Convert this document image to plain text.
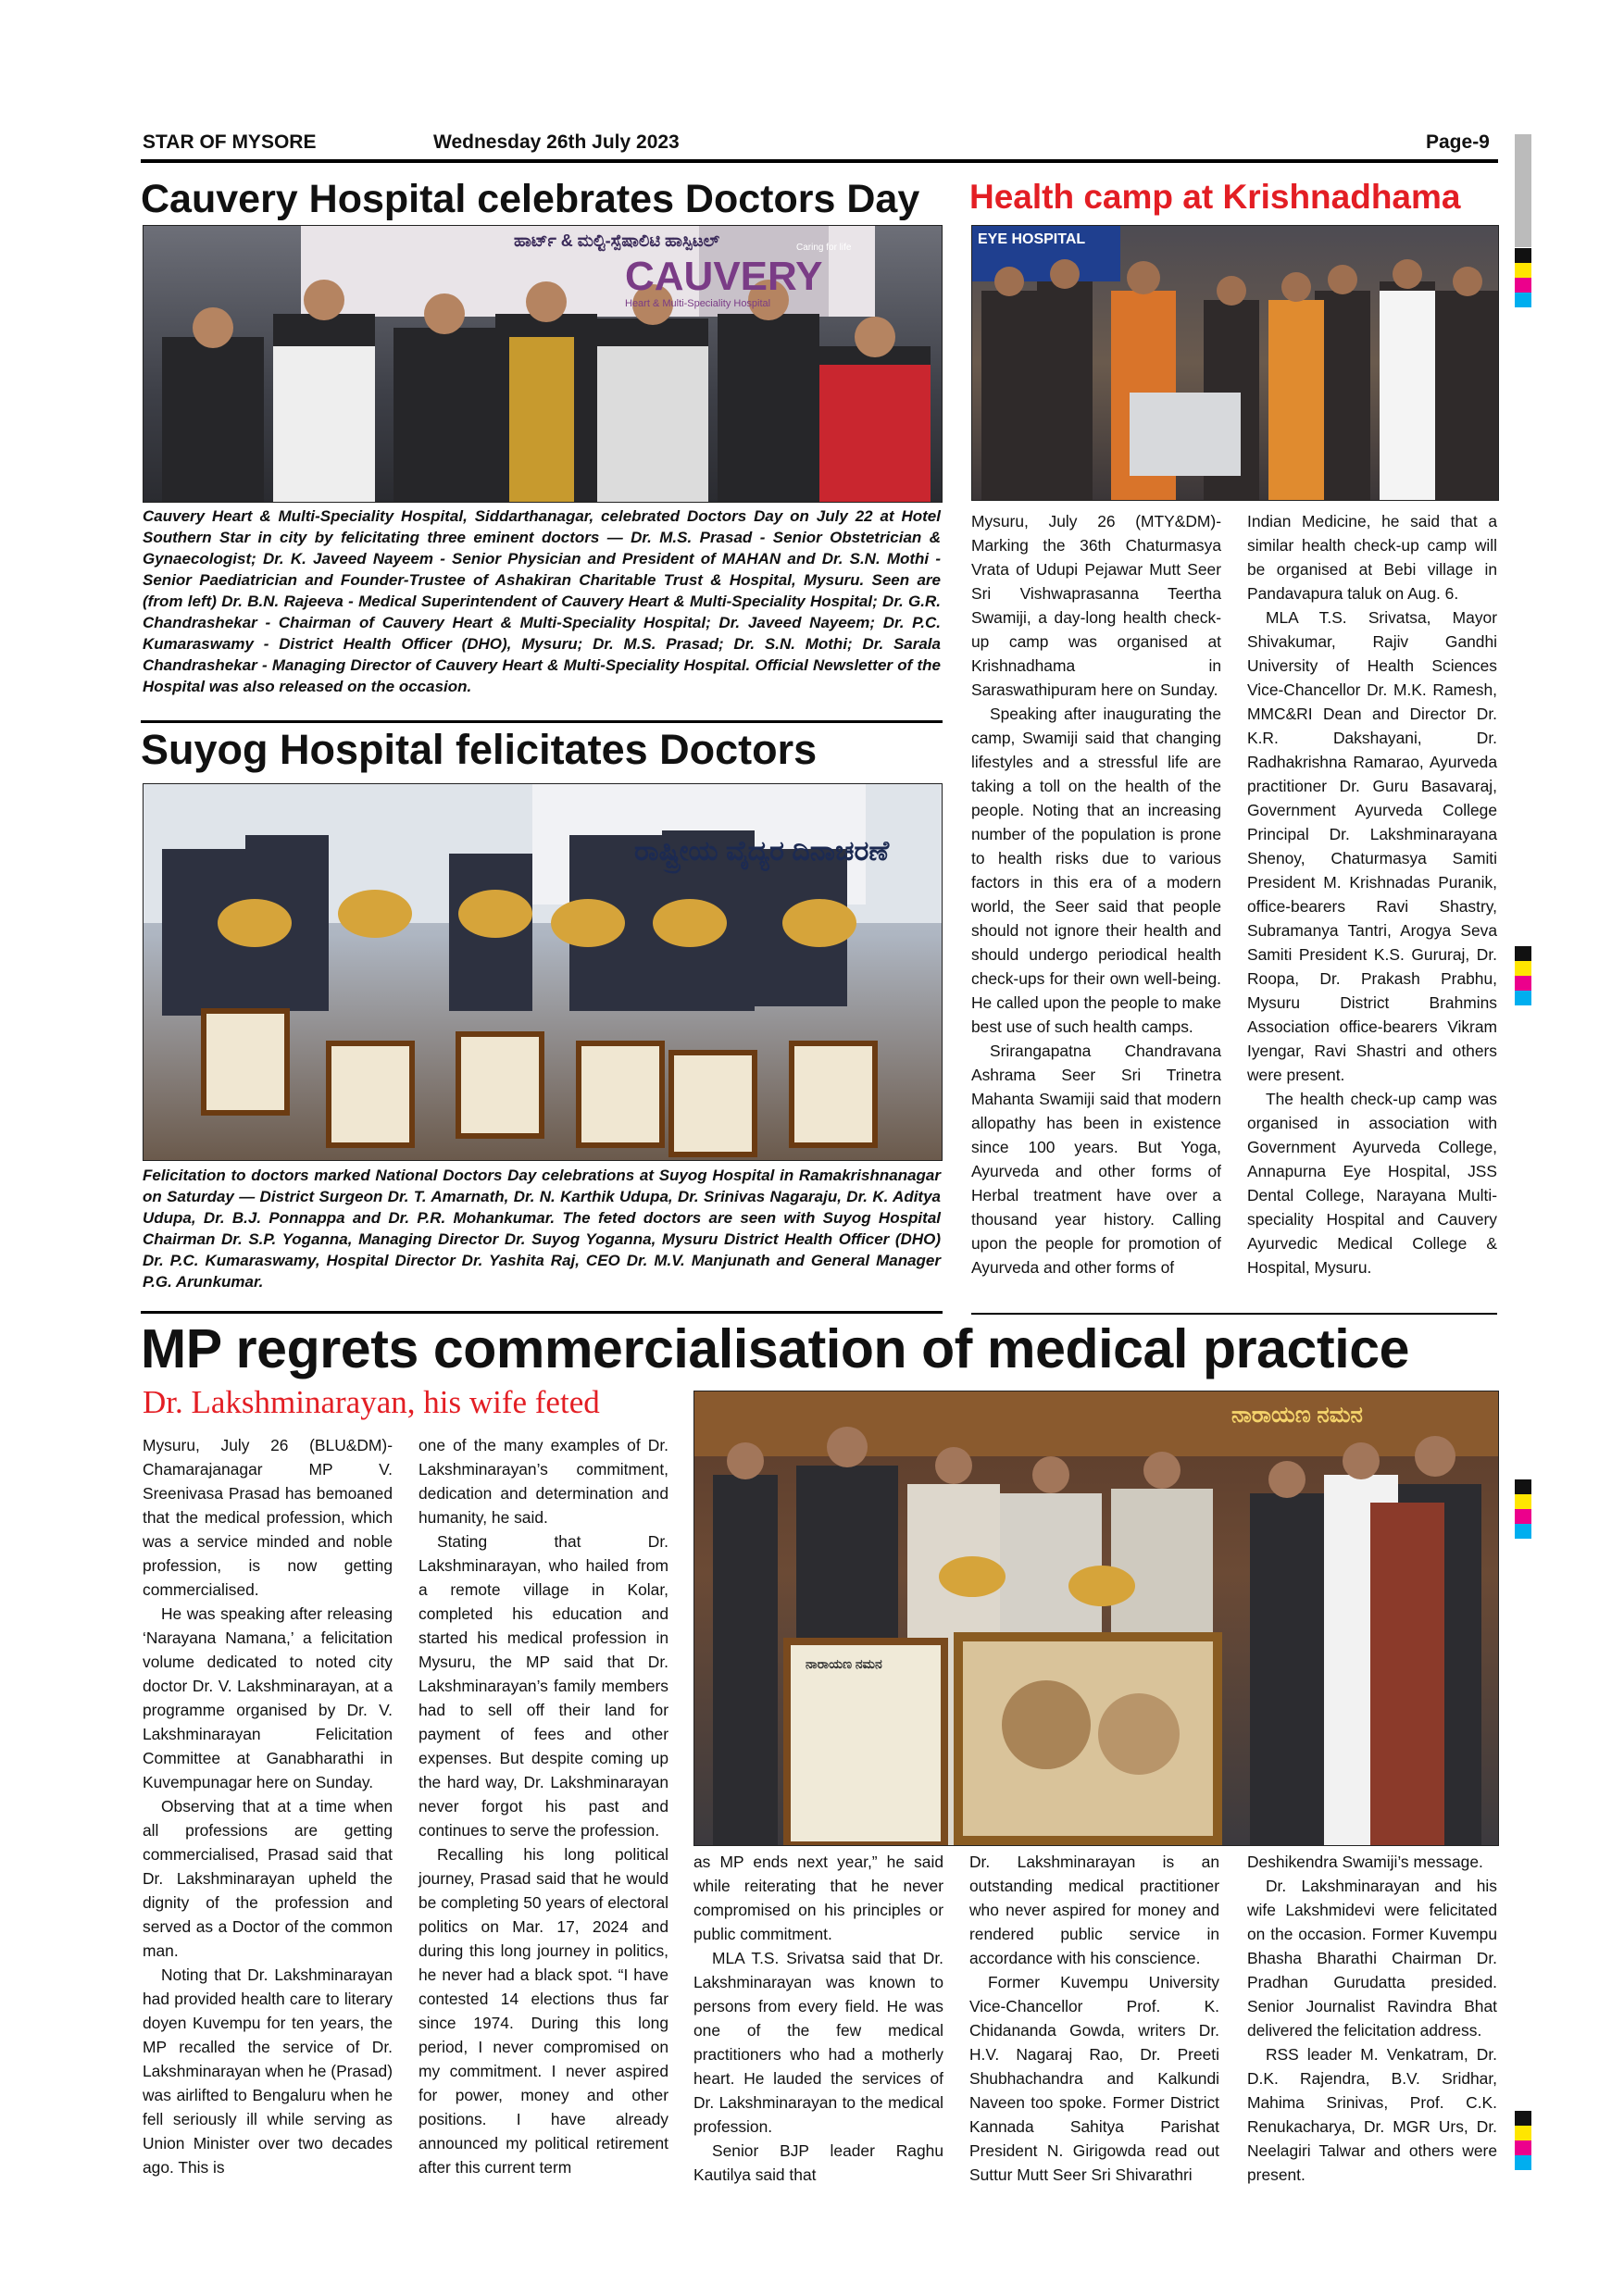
STAR OF MYSORE	Wednesday 26th July 2023	Page-9
Cauvery Hospital celebrates Doctors Day
ಹಾರ್ಟ್ & ಮಲ್ಟಿ-ಸ್ಪೆಷಾಲಿಟಿ ಹಾಸ್ಪಿಟಲ್
CAUVERY
Heart & Multi-Speciality Hospital
Caring for life

Cauvery Heart & Multi-Speciality Hospital, Siddarthanagar, celebrated Doctors Day on July 22 at Hotel Southern Star in city by felicitating three eminent doctors — Dr. M.S. Prasad - Senior Obstetrician & Gynaecologist; Dr. K. Javeed Nayeem - Senior Physician and President of MAHAN and Dr. S.N. Mothi - Senior Paediatrician and Founder-Trustee of Ashakiran Charitable Trust & Hospital, Mysuru. Seen are (from left) Dr. B.N. Rajeeva - Medical Superintendent of Cauvery Heart & Multi-Speciality Hospital; Dr. G.R. Chandrashekar - Chairman of Cauvery Heart & Multi-Speciality Hospital; Dr. Javeed Nayeem; Dr. P.C. Kumaraswamy - District Health Officer (DHO), Mysuru; Dr. M.S. Prasad; Dr. S.N. Mothi; Dr. Sarala Chandrashekar - Managing Director of Cauvery Heart & Multi-Speciality Hospital. Official Newsletter of the Hospital was also released on the occasion.

Suyog Hospital felicitates Doctors
ರಾಷ್ಟ್ರೀಯ ವೈದ್ಯರ ದಿನಾಚರಣೆ

Felicitation to doctors marked National Doctors Day celebrations at Suyog Hospital in Ramakrishnanagar on Saturday — District Surgeon Dr. T. Amarnath, Dr. N. Karthik Udupa, Dr. Srinivas Nagaraju, Dr. K. Aditya Udupa, Dr. B.J. Ponnappa and Dr. P.R. Mohankumar. The feted doctors are seen with Suyog Hospital Chairman Dr. S.P. Yoganna, Managing Director Dr. Suyog Yoganna, Mysuru District Health Officer (DHO) Dr. P.C. Kumaraswamy, Hospital Director Dr. Yashita Raj, CEO Dr. M.V. Manjunath and General Manager P.G. Arunkumar.

Health camp at Krishnadhama
EYE HOSPITAL

Mysuru, July 26 (MTY&DM)- Marking the 36th Chaturmasya Vrata of Udupi Pejawar Mutt Seer Sri Vishwaprasanna Teertha Swamiji, a day-long health check-up camp was organised at Krishnadhama in Saraswathipuram here on Sunday.

Speaking after inaugurating the camp, Swamiji said that changing lifestyles and a stressful life are taking a toll on the health of the people. Noting that an increasing number of the population is prone to health risks due to various factors in this era of a modern world, the Seer said that people should not ignore their health and should undergo periodical health check-ups for their own well-being. He called upon the people to make best use of such health camps.

Srirangapatna Chandravana Ashrama Seer Sri Trinetra Mahanta Swamiji said that modern allopathy has been in existence since 100 years. But Yoga, Ayurveda and other forms of Herbal treatment have over a thousand year history. Calling upon the people for promotion of Ayurveda and other forms of

Indian Medicine, he said that a similar health check-up camp will be organised at Bebi village in Pandavapura taluk on Aug. 6.

MLA T.S. Srivatsa, Mayor Shivakumar, Rajiv Gandhi University of Health Sciences Vice-Chancellor Dr. M.K. Ramesh, MMC&RI Dean and Director Dr. K.R. Dakshayani, Dr. Radhakrishna Ramarao, Ayurveda practitioner Dr. Guru Basavaraj, Government Ayurveda College Principal Dr. Lakshminarayana Shenoy, Chaturmasya Samiti President M. Krishnadas Puranik, office-bearers Ravi Shastry, Subramanya Tantri, Arogya Seva Samiti President K.S. Gururaj, Dr. Roopa, Dr. Prakash Prabhu, Mysuru District Brahmins Association office-bearers Vikram Iyengar, Ravi Shastri and others were present.

The health check-up camp was organised in association with Government Ayurveda College, Annapurna Eye Hospital, JSS Dental College, Narayana Multi-speciality Hospital and Cauvery Ayurvedic Medical College & Hospital, Mysuru.

MP regrets commercialisation of medical practice
Dr. Lakshminarayan, his wife feted	ನಾರಾಯಣ ನಮನ
ನಾರಾಯಣ ನಮನ

Mysuru, July 26 (BLU&DM)- Chamarajanagar MP V. Sreenivasa Prasad has bemoaned that the medical profession, which was a service minded and noble profession, is now getting commercialised.

He was speaking after releasing ‘Narayana Namana,’ a felicitation volume dedicated to noted city doctor Dr. V. Lakshminarayan, at a programme organised by Dr. V. Lakshminarayan Felicitation Committee at Ganabharathi in Kuvempunagar here on Sunday.

Observing that at a time when all professions are getting commercialised, Prasad said that Dr. Lakshminarayan upheld the dignity of the profession and served as a Doctor of the common man.

Noting that Dr. Lakshminarayan had provided health care to literary doyen Kuvempu for ten years, the MP recalled the service of Dr. Lakshminarayan when he (Prasad) was airlifted to Bengaluru when he fell seriously ill while serving as Union Minister over two decades ago. This is

one of the many examples of Dr. Lakshminarayan’s commitment, dedication and determination and humanity, he said.

Stating that Dr. Lakshminarayan, who hailed from a remote village in Kolar, completed his education and started his medical profession in Mysuru, the MP said that Dr. Lakshminarayan’s family members had to sell off their land for payment of fees and other expenses. But despite coming up the hard way, Dr. Lakshminarayan never forgot his past and continues to serve the profession.

Recalling his long political journey, Prasad said that he would be completing 50 years of electoral politics on Mar. 17, 2024 and during this long journey in politics, he never had a black spot. “I have contested 14 elections thus far since 1974. During this long period, I never compromised on my commitment. I never aspired for power, money and other positions. I have already announced my political retirement after this current term

as MP ends next year,” he said while reiterating that he never compromised on his principles or public commitment.

MLA T.S. Srivatsa said that Dr. Lakshminarayan was known to persons from every field. He was one of the few medical practitioners who had a motherly heart. He lauded the services of Dr. Lakshminarayan to the medical profession.

Senior BJP leader Raghu Kautilya said that

Dr. Lakshminarayan is an outstanding medical practitioner who never aspired for money and rendered public service in accordance with his conscience.

Former Kuvempu University Vice-Chancellor Prof. K. Chidananda Gowda, writers Dr. H.V. Nagaraj Rao, Dr. Preeti Shubhachandra and Kalkundi Naveen too spoke. Former District Kannada Sahitya Parishat President N. Girigowda read out Suttur Mutt Seer Sri Shivarathri

Deshikendra Swamiji’s message.

Dr. Lakshminarayan and his wife Lakshmidevi were felicitated on the occasion. Former Kuvempu Bhasha Bharathi Chairman Dr. Pradhan Gurudatta presided. Senior Journalist Ravindra Bhat delivered the felicitation address.

RSS leader M. Venkatram, Dr. D.K. Rajendra, B.V. Sridhar, Mahima Srinivas, Prof. C.K. Renukacharya, Dr. MGR Urs, Dr. Neelagiri Talwar and others were present.
